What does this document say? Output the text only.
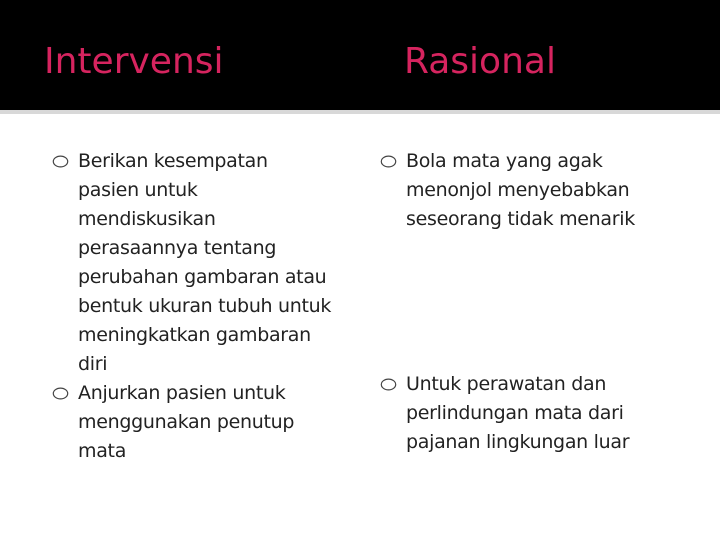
Intervensi	Rasional
Berikan kesempatan
pasien untuk
mendiskusikan
perasaannya tentang
perubahan gambaran atau
bentuk ukuran tubuh untuk
meningkatkan gambaran
diri
Anjurkan pasien untuk
menggunakan penutup
mata
Bola mata yang agak
menonjol menyebabkan
seseorang tidak menarik
Untuk perawatan dan
perlindungan mata dari
pajanan lingkungan luar
